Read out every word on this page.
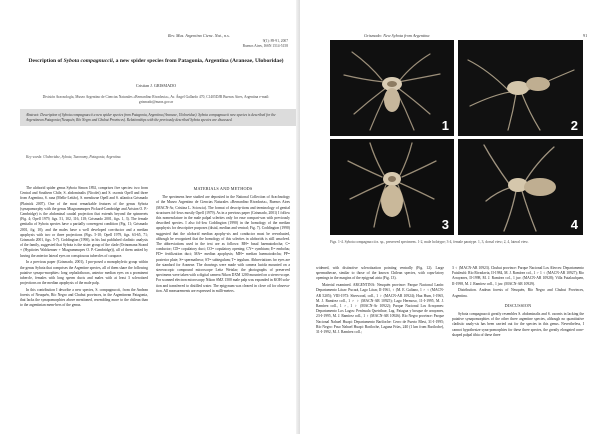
Rev. Mus. Argentino Cienc. Nat., n.s.
9(1): 89-91, 2007
Buenos Aires, ISSN 1514-5158
Description of Sybota compagnuccii, a new spider species from Patagonia, Argentina (Araneae, Uloboridae)
Cristian J. GRISMADO
División Aracnología, Museo Argentino de Ciencias Naturales «Bernardino Rivadavia», Av. Ángel Gallardo 470, C1405DJR Buenos Aires, Argentina e-mail: grismado@macn.gov.ar
Abstract: Description of Sybota compagnuccii a new spider species from Patagonia, Argentina (Araneae, Uloboridae). Sybota compagnuccii new species is described for the Argentinean Patagonia (Neuquén, Río Negro and Chubut Provinces). Relationships with the previously described Sybota species are discussed.
Key words: Uloboridae, Sybota, Taxonomy, Patagonia, Argentina.

The uloborid spider genus Sybota Simon 1892, comprises five species: two from Central and Southern Chile, S. abdominalis (Nicolet) and S. osornis Opell and three from Argentina, S. rana (Mello-Leitão), S. mendozae Opell and S. atlantica Grismado (Platnick 2007). One of the most remarkable features of the genus Sybota (synapomorphy with the genus Miagrammopes Pickard-Cambridge and Ariston O. P.-Cambridge) is the abdominal caudal projection that extends beyond the spinnerets (Fig. 4; Opell 1979, figs. 51, 102, 116, 118; Grismado 2001, figs. 1, 3). The female genitalia of Sybota species have a partially convergent condition (Fig. 11; Grismado 2001, fig. 10); and the males have a well developed con-ductor and a median apophysis with two or three projections (Figs. 5-10; Opell 1979, figs. 63-65, 71; Grismado 2001, figs. 5-7). Coddington (1990), in his last published cladistic analysis of the family, suggested that Sybota is the sister group of the clade (Orinomana Strand + (Hyptiotes Walckenaer + Miagrammopes O. P.-Cambridge)), all of them united by having the anterior lateral eyes on conspicuous tubercles of carapace.

In a previous paper (Grismado, 2001), I pro-posed a monophyletic group within the genus Sybota that comprises the Argentine species, all of them share the following putative synapo-morphies: long cephalothorax, anterior median eyes on a prominent tubercle, females with long sperm ducts and males with at least 3 sclerotized projections on the median apophysis of the male palp.

In this contribution I describe a new species, S. compagnuccii, from the Andean forests of Neuquén, Río Negro and Chubut provinces, in the Argentinean Patagonia, that lacks the synapomorphies above mentioned, resembling more to the chilean than to the argentinian mem-bers of the genus.

MATERIALS AND METHODS

The specimens here studied are deposited in the National Collection of Arachnology of the Museo Argentino de Ciencias Naturales «Bernardino Rivadavia», Buenos Aires (MACN-Ar, Cristina L. Scioscia). The format of descrip-tions and terminology of genital structures fol-lows mostly Opell (1979). As in a previous paper (Grismado, 2001) I follow this nomenclature in the male palpal sclerites only for ease compari-son with previously described species. I also fol-low Coddington (1990) in the homology of the median apophysis for descriptive purposes (distal, median and ventral; Fig. 7). Coddington (1990) suggested that the uloborid median apophy-sis and conductor must be reevaluated, although he recognized that the homology of this sclerites in uloborids is still unsolved. The abbreviations used in the text are as follows: BH= basal haematodocha; C= conductor; CD= copulatory duct; CO= copulatory opening; CY= cymbium; E= embolus; FD= fertilization duct; MA= median apophysis; MH= median haematodocha; PP= posterior plate; S= spermatheca; ST= subtegulum; T= tegulum. Abbreviations for eyes are the standard for Araneae. The drawings were made with camera lucida mounted on a stereoscopic compound microscope Leitz Wetzlar; the photographs of preserved specimens were taken with a digital camera Nikon DXM 1200 mounted on a stereo-scope. For scanned electron microscopy Nikon SMZ 1500 male palp was expanded in KOH solu-tion and transferred to distilled water. The epigynum was cleared in clove oil for observa-tion. All measurements are expressed in milli-meters.

Grismado: New Sybota from Argentina	91
1	2
3	4
Figs. 1-4. Sybota compagnuccii n. sp., preserved specimens. 1-2, male holotype; 3-4, female paratype. 1, 3, dorsal view; 2, 4, lateral view.

widened, with distinctive sclerotization pointing ventrally (Fig. 12). Large spermathecae, similar to those of the known Chilean species, with copu-latory openings in the margins of the epigynal atria (Fig. 13).

Material examined. ARGENTINA: Neuquén province: Parque Nacional Lanín: Departamento Lácar: Pucará, Lago Lácar, II-1961, ♀ (M. E. Galiano, 1 ♂ ♀ (MACN-AR 5205); VIII-1973: Sherwood, coll., 1 ♀ (MACN-AR 10924); Hua Hum, I-1965, M. J. Ramírez coll., 1 ♂ ♀ (MACN-AR 10925); Lago Hermoso, 11-I-1995, M. J. Ramírez coll., 1 ♂, 1 ♀ (MACN-Ar 10922); Parque Nacional Los Arrayanes: Departamento Los Lagos: Península Quetrihue, Lag. Patagua y bosque de arrayanes, 23-I-1995, M. J. Ramírez coll., 1 ♀ (MACN-AR 10926). Río Negro province: Parque Nacional Nahuel Huapi: Departamento Bariloche: Cerro de Puerto Blest, 31-I-1995; Río Negro: Paso Nahuel Huapi: Bariloche, Laguna Frías, 240 (1 km from Bariloche), 31-I-1992, M. J. Ramírez coll.;

3 ♀ (MACN-AR 10923). Chubut province: Parque Nacional Los Alerces: Departamento Futaleufú: Río Rivadavia, II-1984, M. J. Ramírez col., 1 ♂ 1 ♀ (MACN-AR 10927); Río Arrayanes, II-1998, M. J. Ramírez col., 1 juv. (MACN-AR 10928); Villa Futalaufquen, II-1998, M. J. Ramírez coll., 1 juv. (MACN-AR 10929).

Distribution. Andean forests of Neuquén, Río Negro and Chubut Provinces, Argentina.

DISCUSSION

Sybota compagnuccii greatly resembles S. abdominalis and S. osornis in lacking the putative synapomorphies of the other three argentine species, although no quantitative cladistic analy-sis has been carried out for the species in this genus. Nevertheless, I cannot hypothesize syna-pomorphies for these three species, the greatly elongated cone-shaped palpal tibia of these three
